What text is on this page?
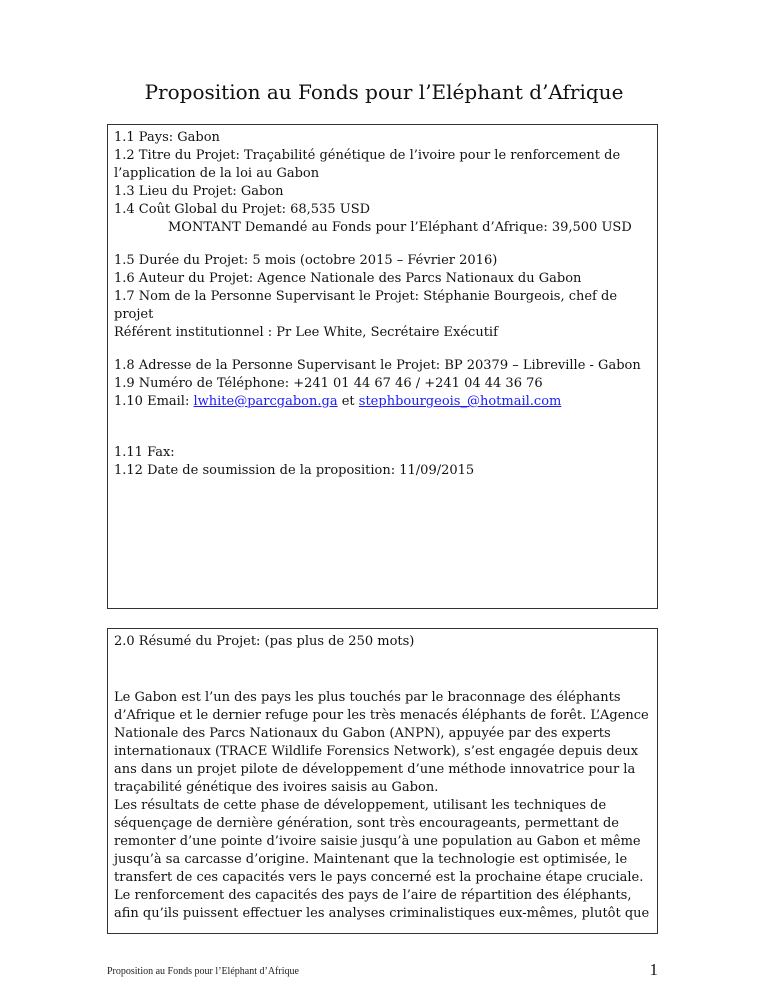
Proposition au Fonds pour l’Eléphant d’Afrique

1.1 Pays: Gabon

1.2 Titre du Projet: Traçabilité génétique de l’ivoire pour le renforcement de l’application de la loi au Gabon

1.3 Lieu du Projet: Gabon

1.4 Coût Global du Projet: 68,535 USD

MONTANT Demandé au Fonds pour l’Eléphant d’Afrique: 39,500 USD

1.5 Durée du Projet: 5 mois (octobre 2015 – Février 2016)

1.6 Auteur du Projet: Agence Nationale des Parcs Nationaux du Gabon

1.7 Nom de la Personne Supervisant le Projet: Stéphanie Bourgeois, chef de projet

Référent institutionnel : Pr Lee White, Secrétaire Exécutif

1.8 Adresse de la Personne Supervisant le Projet: BP 20379 – Libreville - Gabon

1.9 Numéro de Téléphone: +241 01 44 67 46 / +241 04 44 36 76

1.10 Email: lwhite@parcgabon.ga et stephbourgeois_@hotmail.com

1.11 Fax:

1.12 Date de soumission de la proposition: 11/09/2015

2.0 Résumé du Projet: (pas plus de 250 mots)

Le Gabon est l’un des pays les plus touchés par le braconnage des éléphants d’Afrique et le dernier refuge pour les très menacés éléphants de forêt. L’Agence Nationale des Parcs Nationaux du Gabon (ANPN), appuyée par des experts internationaux (TRACE Wildlife Forensics Network), s’est engagée depuis deux ans dans un projet pilote de développement d’une méthode innovatrice pour la traçabilité génétique des ivoires saisis au Gabon.

Les résultats de cette phase de développement, utilisant les techniques de séquençage de dernière génération, sont très encourageants, permettant de remonter d’une pointe d’ivoire saisie jusqu’à une population au Gabon et même jusqu’à sa carcasse d’origine. Maintenant que la technologie est optimisée, le transfert de ces capacités vers le pays concerné est la prochaine étape cruciale. Le renforcement des capacités des pays de l’aire de répartition des éléphants, afin qu’ils puissent effectuer les analyses criminalistiques eux-mêmes, plutôt que

Proposition au Fonds pour l’Eléphant d’Afrique	1
